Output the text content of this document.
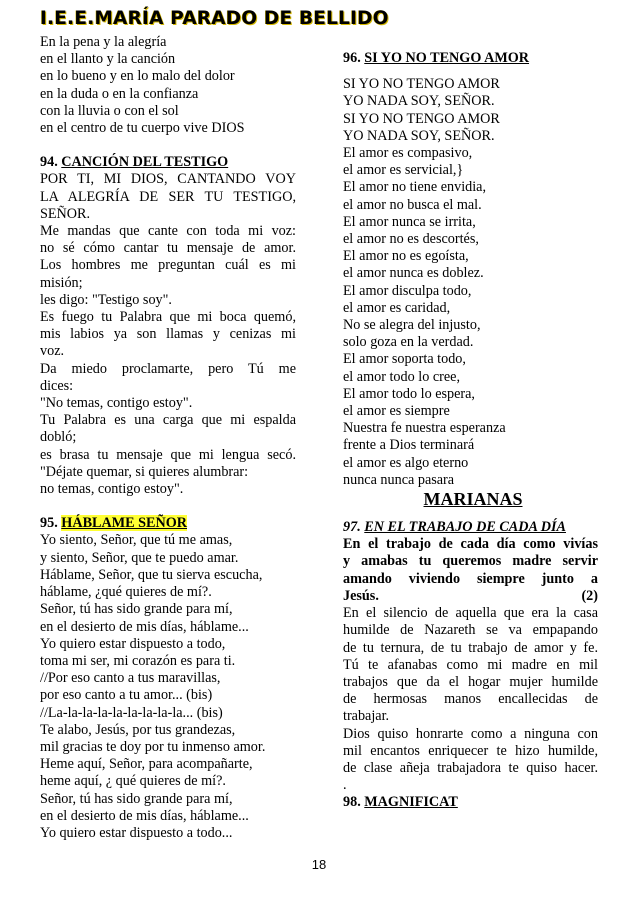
I.E.E.MARÍA PARADO DE BELLIDO
En la pena y la alegría
en el llanto y la canción
en lo bueno y en lo malo del dolor
en la duda o en la confianza
con la lluvia o con el sol
en el centro de tu cuerpo vive DIOS
94. CANCIÓN DEL TESTIGO
POR TI, MI DIOS, CANTANDO VOY
LA ALEGRÍA DE SER TU TESTIGO,
SEÑOR.
Me mandas que cante con toda mi voz:
no sé cómo cantar tu mensaje de amor.
Los hombres me preguntan cuál es mi
misión;
les digo: "Testigo soy".
Es fuego tu Palabra que mi boca quemó,
mis labios ya son llamas y cenizas mi
voz.
Da miedo proclamarte, pero Tú me
dices:
"No temas, contigo estoy".
Tu Palabra es una carga que mi espalda
dobló;
es brasa tu mensaje que mi lengua secó.
"Déjate quemar, si quieres alumbrar:
no temas, contigo estoy".
95. HÁBLAME SEÑOR
Yo siento, Señor, que tú me amas,
y siento, Señor, que te puedo amar.
Háblame, Señor, que tu sierva escucha,
háblame, ¿qué quieres de mí?.
Señor, tú has sido grande para mí,
en el desierto de mis días, háblame...
Yo quiero estar dispuesto a todo,
toma mi ser, mi corazón es para ti.
//Por eso canto a tus maravillas,
por eso canto a tu amor... (bis)
//La-la-la-la-la-la-la-la-la... (bis)
Te alabo, Jesús, por tus grandezas,
mil gracias te doy por tu inmenso amor.
Heme aquí, Señor, para acompañarte,
heme aquí, ¿ qué quieres de mí?.
Señor, tú has sido grande para mí,
en el desierto de mis días, háblame...
Yo quiero estar dispuesto a todo...
96. SI YO NO TENGO AMOR
SI YO NO TENGO AMOR
YO NADA SOY, SEÑOR.
SI YO NO TENGO AMOR
YO NADA SOY, SEÑOR.
El amor es compasivo,
el amor es servicial,}
El amor no tiene envidia,
el amor no busca el mal.
El amor nunca se irrita,
el amor no es descortés,
El amor no es egoísta,
el amor nunca es doblez.
El amor disculpa todo,
el amor es caridad,
No se alegra del injusto,
solo goza en la verdad.
El amor soporta todo,
el amor todo lo cree,
El amor todo lo espera,
el amor es siempre
Nuestra fe nuestra esperanza
frente a Dios terminará
el amor es algo eterno
nunca nunca pasara
MARIANAS
97. EN EL TRABAJO DE CADA DÍA
En el trabajo de cada día como vivías
y amabas tu queremos madre servir
amando viviendo siempre junto a
Jesús.	(2)
En el silencio de aquella que era la casa
humilde de Nazareth se va empapando
de tu ternura, de tu trabajo de amor y fe.
Tú te afanabas como mi madre en mil
trabajos que da el hogar mujer humilde
de hermosas manos encallecidas de
trabajar.
Dios quiso honrarte como a ninguna con
mil encantos enriquecer te hizo humilde,
de clase añeja trabajadora te quiso hacer.
.
98. MAGNIFICAT
18
